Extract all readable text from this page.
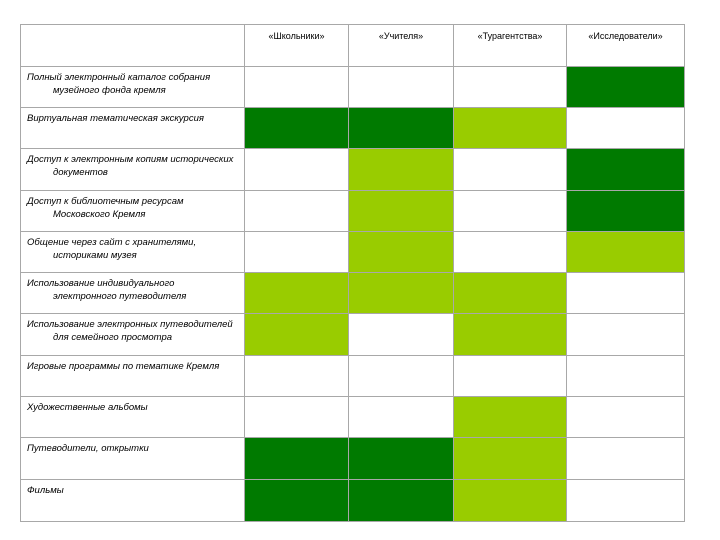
	«Школьники»	«Учителя»	«Турагентства»	«Исследователи»

Полный электронный каталог собрания музейного фонда кремля				

Виртуальная тематическая экскурсия				

Доступ к электронным копиям исторических документов				

Доступ к библиотечным ресурсам Московского Кремля				

Общение через сайт с хранителями, историками музея				

Использование индивидуального электронного путеводителя				

Использование электронных путеводителей для семейного просмотра				

Игровые программы по тематике Кремля				

Художественные альбомы				

Путеводители, открытки				

Фильмы				
